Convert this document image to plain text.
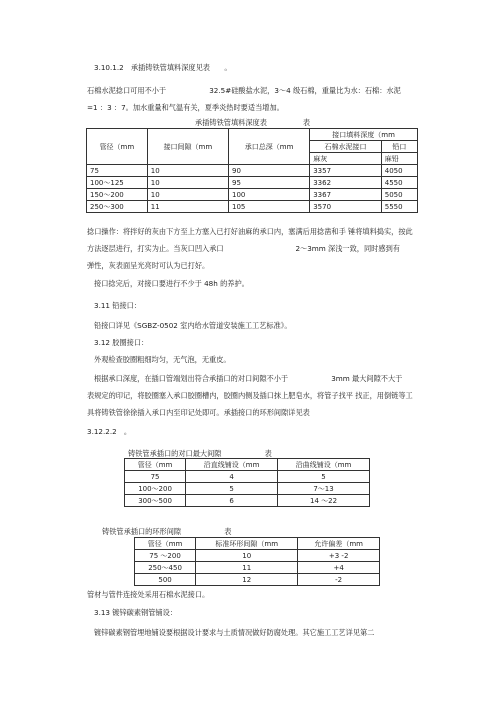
3.10.1.2　承插铸铁管填料深度见表　　。
石棉水泥捻口可用不小于　　　　　　32.5#硅酸盐水泥，3～4 级石棉，重量比为水：石棉：水泥
=1 ：3 ：7。加水重量和气温有关，夏季炎热时要适当增加。
承插铸铁管填料深度表　　　　　表
管径（mm	接口间隙（mm	承口总深（mm	接口填料深度（mm	
			石棉水泥接口	铅口
			麻灰	麻铅
75	10	90	3357	4050
100～125	10	95	3362	4550
150～200	10	100	3367	5050
250～300	11	105	3570	5550
捻口操作：将拌好的灰由下方至上方塞入已打好油麻的承口内，塞满后用捻凿和手 锤将填料捣实，按此
方法逐层进行，打实为止。当灰口凹入承口　　　　　　　　　　2～3mm 深浅一致，同时感到有
弹性，灰表面呈光亮时可认为已打好。
接口捻完后，对接口要进行不少于 48h 的养护。
3.11 铅接口：
铅接口详见《SGBZ-0502 室内给水管道安装施工工艺标准》。
3.12 胶圈接口：
外观检查胶圈粗细均匀，无气泡，无重皮。
根据承口深度，在插口管端划出符合承插口的对口间隙不小于　　　　　　3mm 最大间隙不大于
表规定的印记，将胶圈塞入承口胶圈槽内，胶圈内侧及插口抹上肥皂水，将管子找平 找正，用倒链等工
具将铸铁管徐徐插入承口内至印记处即可。承插接口的环形间隙详见表
3.12.2.2　。
铸铁管承插口的对口最大间隙　　　　　　表
管径（mm	沿直线铺设（mm	沿曲线铺设（mm
75	4	5
100～200	5	7～13
300～500	6	14 ～22
铸铁管承插口的环形间隙　　　　　　表
管径（mm	标准环形间隙（mm	允许偏差（mm
75 ～200	10	+3 -2
250～450	11	+4
500	12	-2
管材与管件连接处采用石棉水泥接口。
3.13 镀锌碳素钢管铺设：
镀锌碳素钢管埋地铺设要根据设计要求与土质情况做好防腐处理。其它施工工艺详见第二
